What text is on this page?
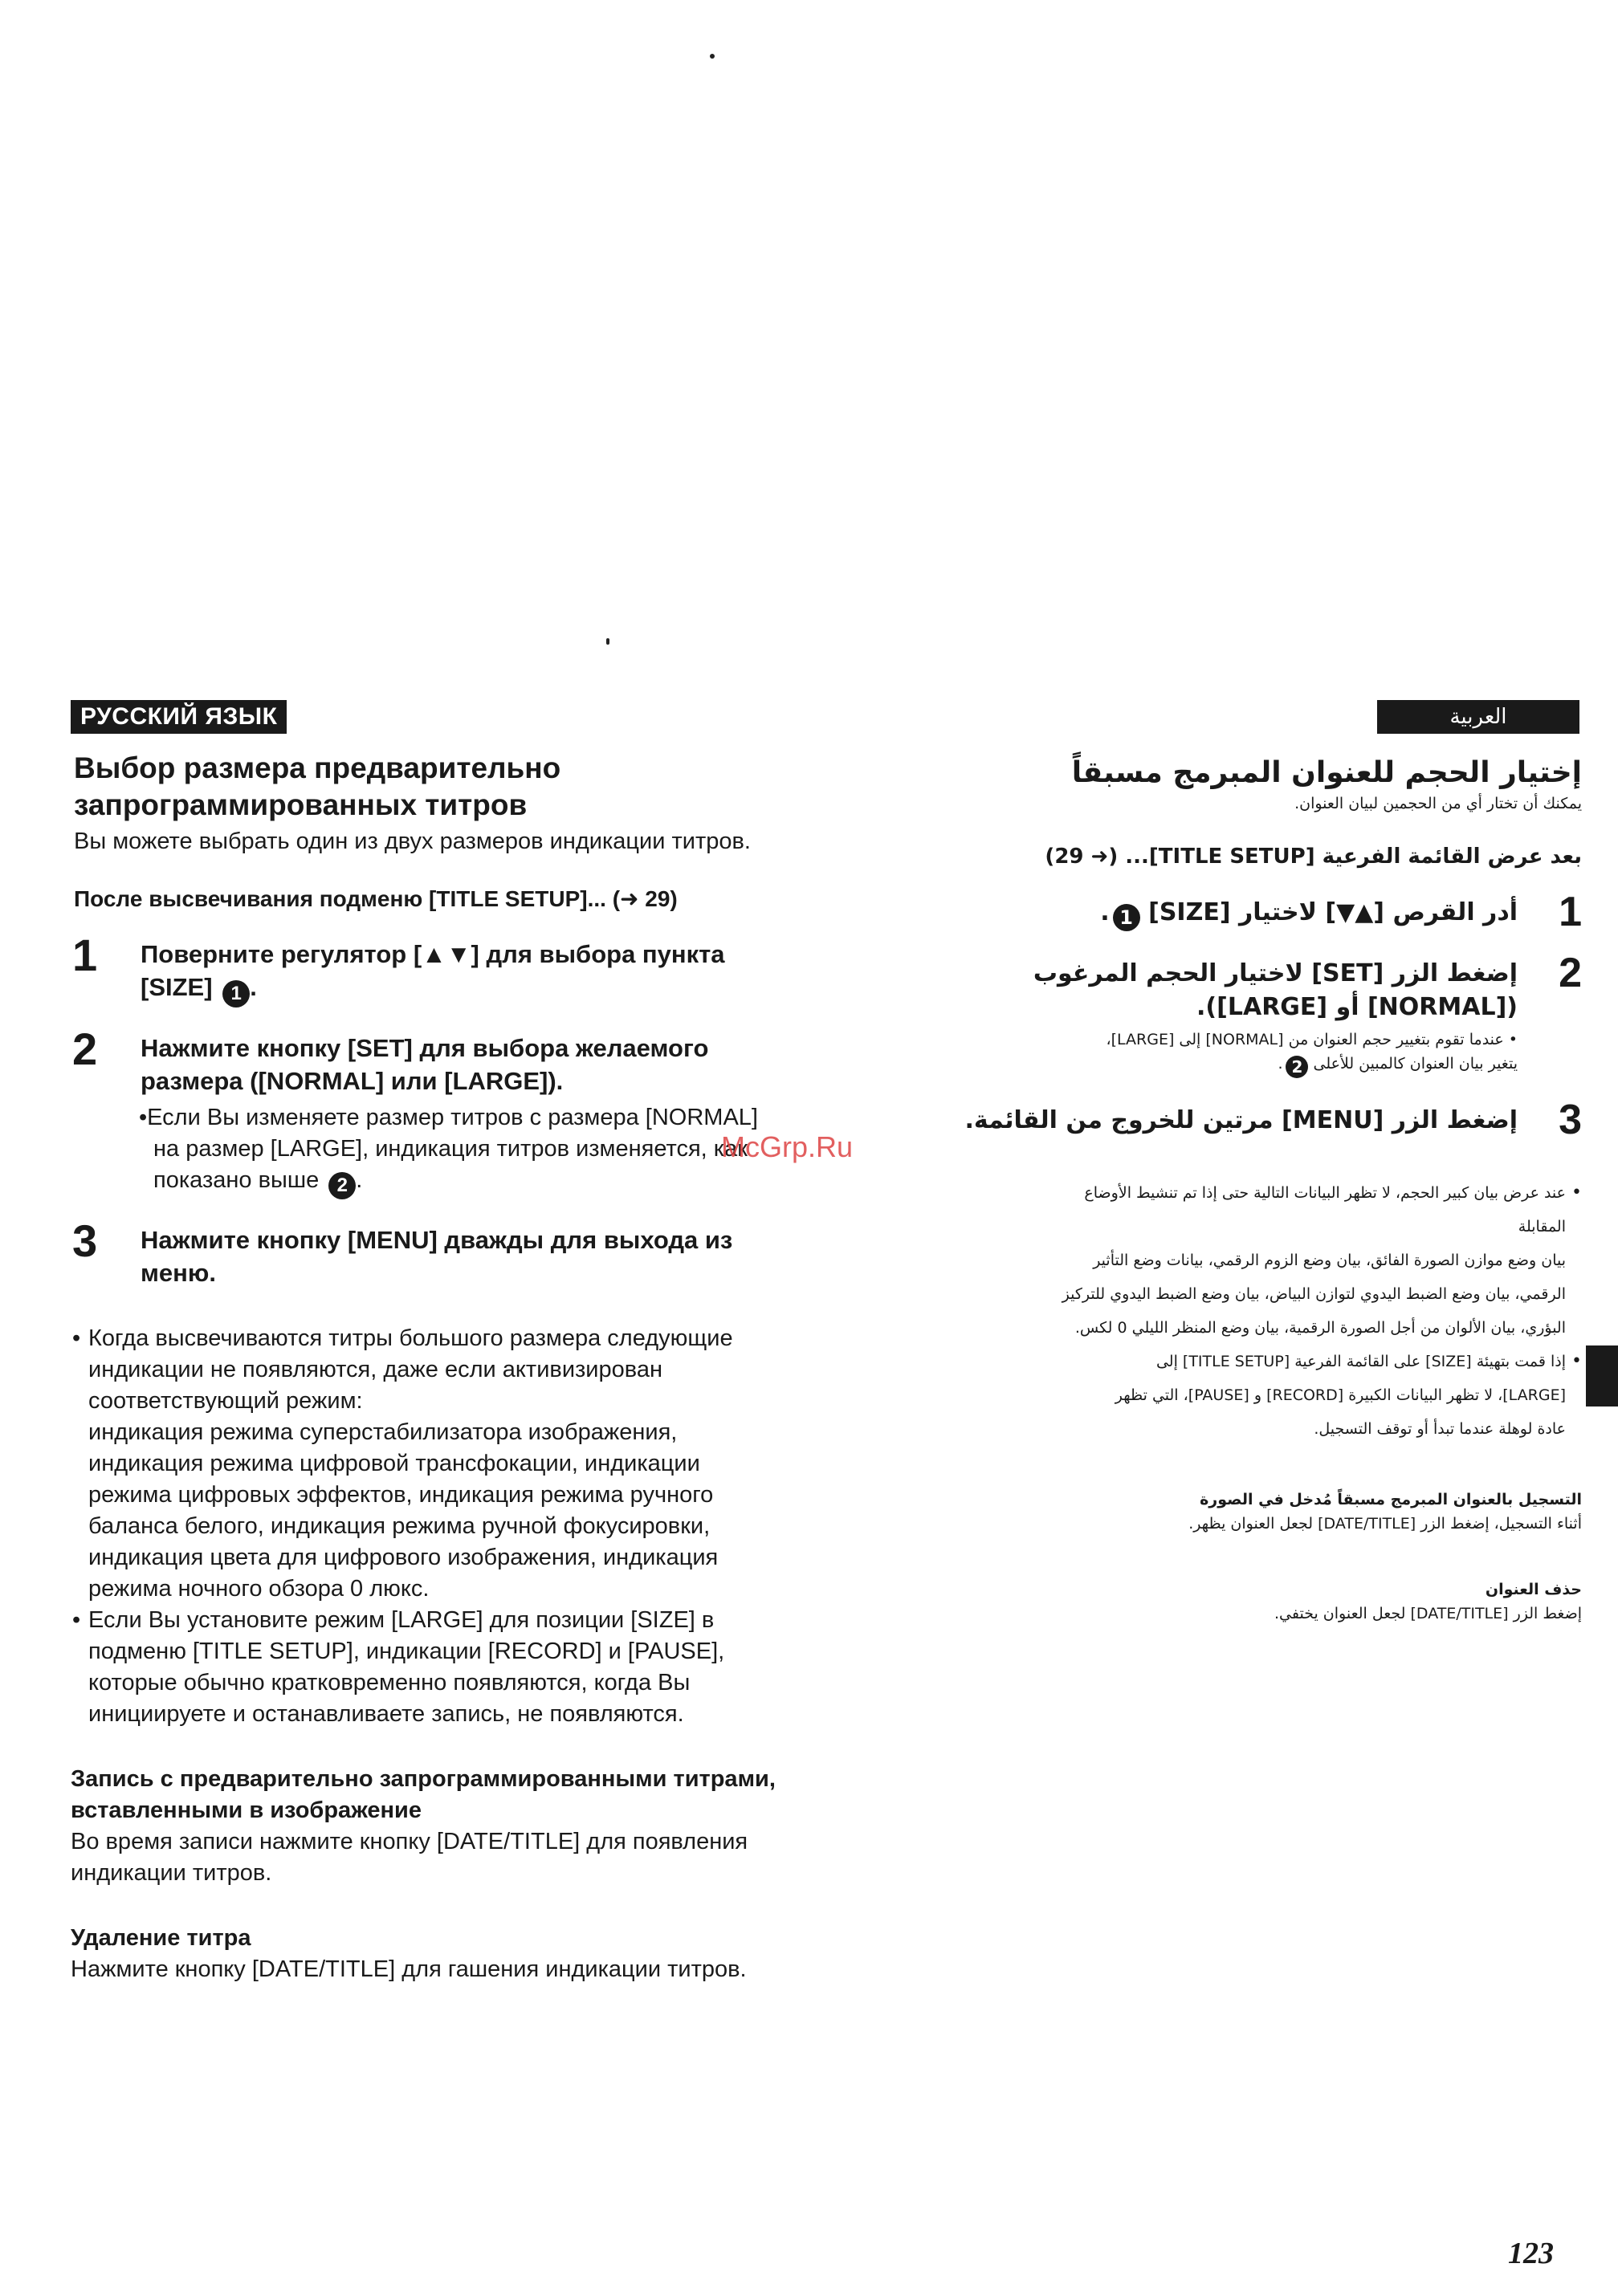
РУССКИЙ ЯЗЫК
Выбор размера предварительно
запрограммированных титров
Вы можете выбрать один из двух размеров индикации титров.
После высвечивания подменю [TITLE SETUP]... (➜ 29)
1 Поверните регулятор [▲▼] для выбора пункта
[SIZE] 1 .
2 Нажмите кнопку [SET] для выбора желаемого
размера ([NORMAL] или [LARGE]).
•Если Вы изменяете размер титров с размера [NORMAL]
на размер [LARGE], индикация титров изменяется, как
показано выше 2 .
3 Нажмите кнопку [MENU] дважды для выхода из
меню.
• Когда высвечиваются титры большого размера следующие
индикации не появляются, даже если активизирован
соответствующий режим:
индикация режима суперстабилизатора изображения,
индикация режима цифровой трансфокации, индикации
режима цифровых эффектов, индикация режима ручного
баланса белого, индикация режима ручной фокусировки,
индикация цвета для цифрового изображения, индикация
режима ночного обзора 0 люкс.
• Если Вы установите режим [LARGE] для позиции [SIZE] в
подменю [TITLE SETUP], индикации [RECORD] и [PAUSE],
которые обычно кратковременно появляются, когда Вы
инициируете и останавливаете запись, не появляются.
Запись с предварительно запрограммированными титрами,
вставленными в изображение
Во время записи нажмите кнопку [DATE/TITLE] для появления
индикации титров.
Удаление титра
Нажмите кнопку [DATE/TITLE] для гашения индикации титров.
العربية
إختيار الحجم للعنوان المبرمج مسبقاً
يمكنك أن تختار أي من الحجمين لبيان العنوان.
بعد عرض القائمة الفرعية [TITLE SETUP]... (➜ 29)
1
أدر القرص [▲▼] لاختيار [SIZE] 1.
2
إضغط الزر [SET] لاختيار الحجم المرغوب
([NORMAL] أو [LARGE]).
• عندما تقوم بتغيير حجم العنوان من [NORMAL] إلى [LARGE]،
يتغير بيان العنوان كالمبين للأعلى 2.
3
إضغط الزر [MENU] مرتين للخروج من القائمة.
• عند عرض بيان كبير الحجم، لا تظهر البيانات التالية حتى إذا تم تنشيط الأوضاع
المقابلة
بيان وضع موازن الصورة الفائق، بيان وضع الزوم الرقمي، بيانات وضع التأثير
الرقمي، بيان وضع الضبط اليدوي لتوازن البياض، بيان وضع الضبط اليدوي للتركيز
البؤري، بيان الألوان من أجل الصورة الرقمية، بيان وضع المنظر الليلي 0 لكس.
• إذا قمت بتهيئة [SIZE] على القائمة الفرعية [TITLE SETUP] إلى
[LARGE]، لا تظهر البيانات الكبيرة [RECORD] و [PAUSE]، التي تظهر
عادة لوهلة عندما تبدأ أو توقف التسجيل.
التسجيل بالعنوان المبرمج مسبقاً مُدخل في الصورة
أثناء التسجيل، إضغط الزر [DATE/TITLE] لجعل العنوان يظهر.
حذف العنوان
إضغط الزر [DATE/TITLE] لجعل العنوان يختفي.
McGrp.Ru
123
